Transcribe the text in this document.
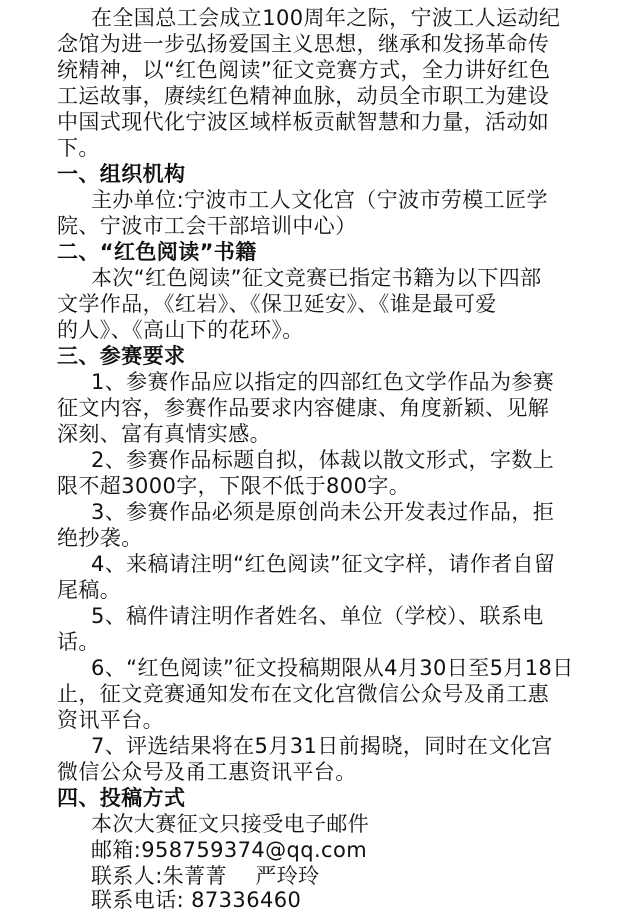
在全国总工会成立100周年之际，宁波工人运动纪
念馆为进一步弘扬爱国主义思想，继承和发扬革命传
统精神，以“红色阅读”征文竞赛方式，全力讲好红色
工运故事，赓续红色精神血脉，动员全市职工为建设
中国式现代化宁波区域样板贡献智慧和力量，活动如
下。
一、组织机构
主办单位:宁波市工人文化宫（宁波市劳模工匠学
院、宁波市工会干部培训中心）
二、“红色阅读”书籍
本次“红色阅读”征文竞赛已指定书籍为以下四部
文学作品，《红岩》、《保卫延安》、《谁是最可爱
的人》、《高山下的花环》。
三、参赛要求
1、参赛作品应以指定的四部红色文学作品为参赛
征文内容，参赛作品要求内容健康、角度新颖、见解
深刻、富有真情实感。
2、参赛作品标题自拟，体裁以散文形式，字数上
限不超3000字，下限不低于800字。
3、参赛作品必须是原创尚未公开发表过作品，拒
绝抄袭。
4、来稿请注明“红色阅读”征文字样，请作者自留
尾稿。
5、稿件请注明作者姓名、单位（学校）、联系电
话。
6、“红色阅读”征文投稿期限从4月30日至5月18日
止，征文竞赛通知发布在文化宫微信公众号及甬工惠
资讯平台。
7、评选结果将在5月31日前揭晓，同时在文化宫
微信公众号及甬工惠资讯平台。
四、投稿方式
本次大赛征文只接受电子邮件
邮箱:958759374@qq.com
联系人:朱菁菁　 严玲玲
联系电话: 87336460
